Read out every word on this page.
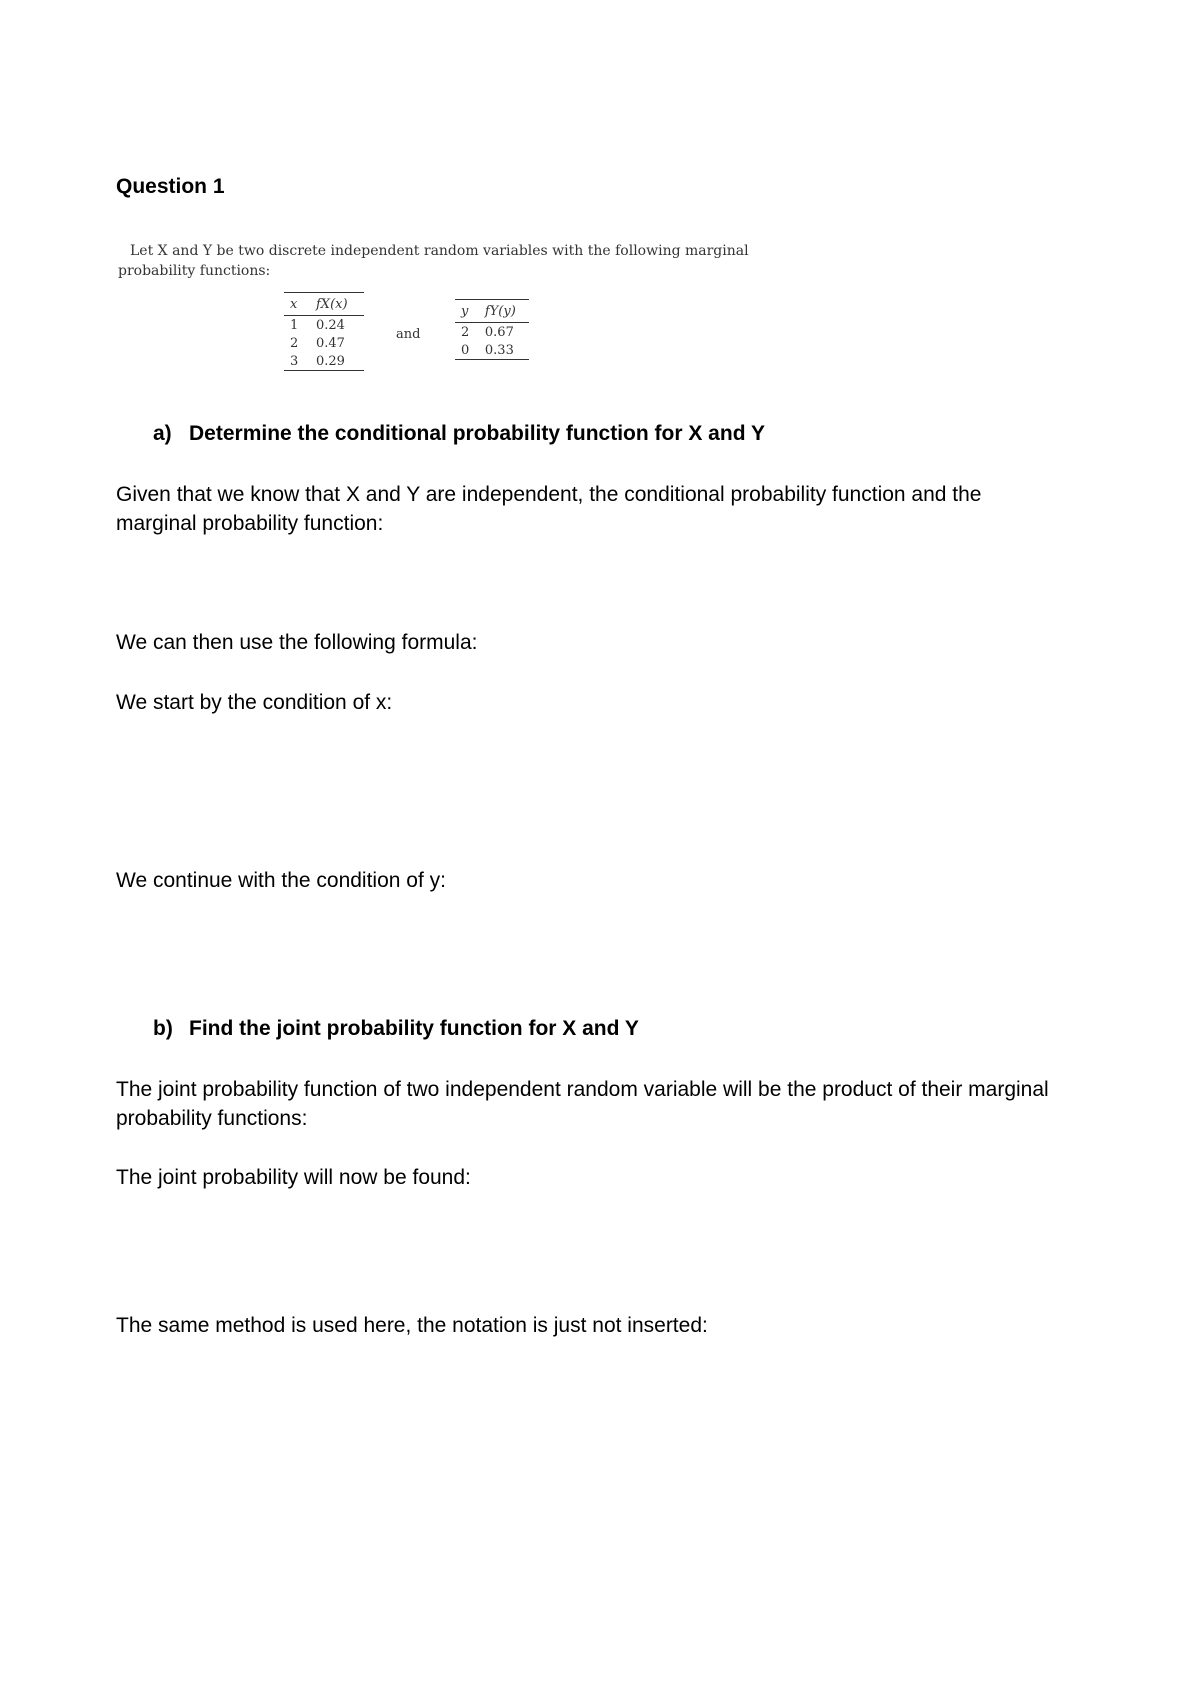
Question 1
Let X and Y be two discrete independent random variables with the following marginal
probability functions:
x	fX(x)
1	0.24
2	0.47
3	0.29
and
y	fY(y)
2	0.67
0	0.33
a) Determine the conditional probability function for X and Y
Given that we know that X and Y are independent, the conditional probability function and the marginal probability function:
We can then use the following formula:
We start by the condition of x:
We continue with the condition of y:
b) Find the joint probability function for X and Y
The joint probability function of two independent random variable will be the product of their marginal probability functions:
The joint probability will now be found:
The same method is used here, the notation is just not inserted:
